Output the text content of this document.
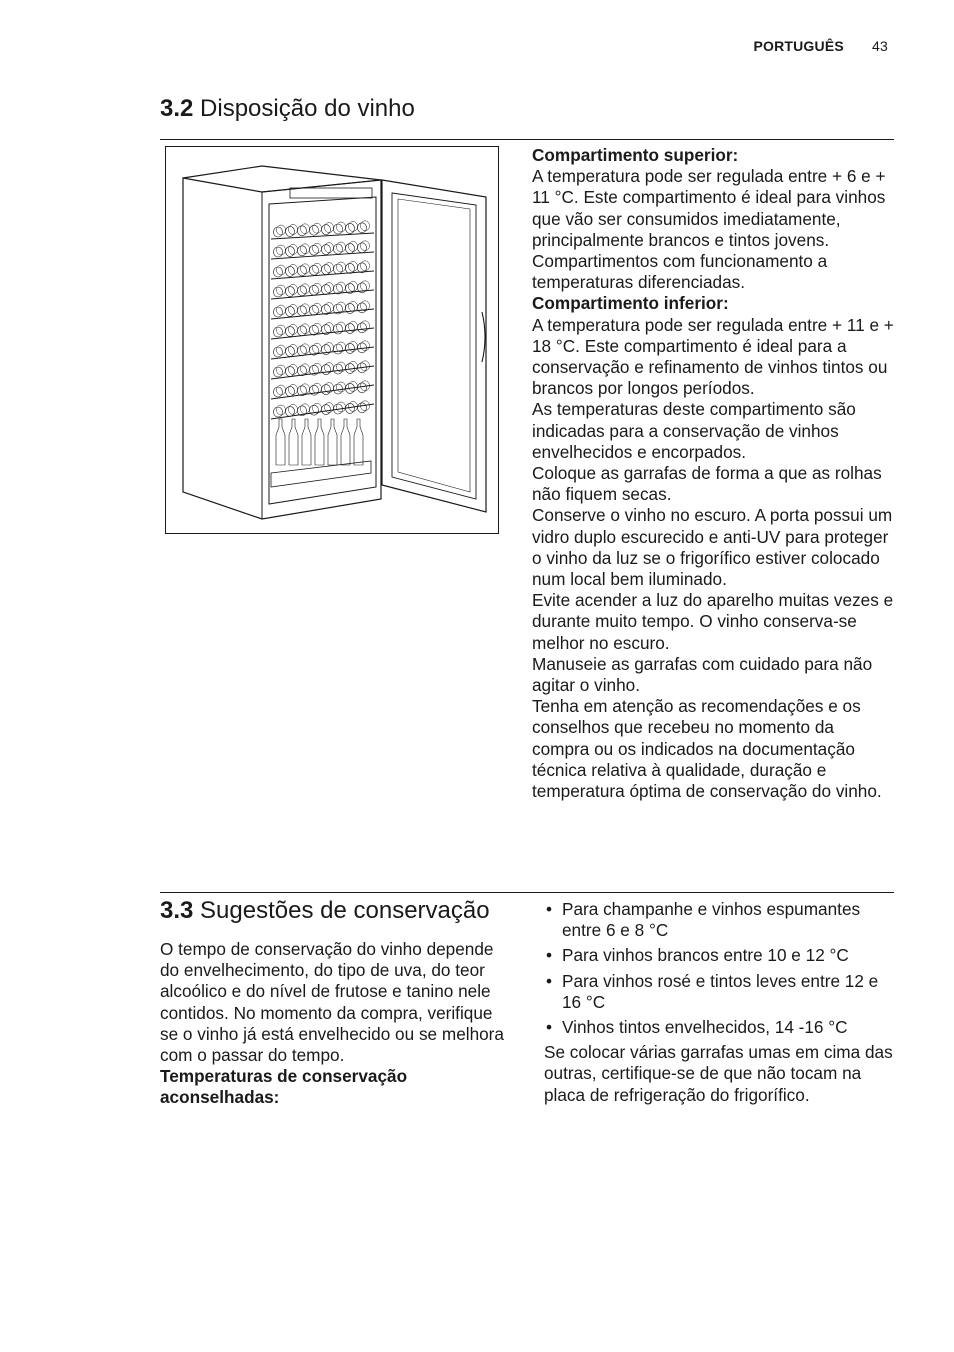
PORTUGUÊS 43
3.2 Disposição do vinho

Compartimento superior:

A temperatura pode ser regulada entre + 6 e + 11 °C. Este compartimento é ideal para vinhos que vão ser consumidos imediatamente, principalmente brancos e tintos jovens. Compartimentos com funcionamento a temperaturas diferenciadas.

Compartimento inferior:

A temperatura pode ser regulada entre + 11 e + 18 °C. Este compartimento é ideal para a conservação e refinamento de vinhos tintos ou brancos por longos períodos.

As temperaturas deste compartimento são indicadas para a conservação de vinhos envelhecidos e encorpados.

Coloque as garrafas de forma a que as rolhas não fiquem secas.

Conserve o vinho no escuro. A porta possui um vidro duplo escurecido e anti-UV para proteger o vinho da luz se o frigorífico estiver colocado num local bem iluminado.

Evite acender a luz do aparelho muitas vezes e durante muito tempo. O vinho conserva-se melhor no escuro.

Manuseie as garrafas com cuidado para não agitar o vinho.

Tenha em atenção as recomendações e os conselhos que recebeu no momento da compra ou os indicados na documentação técnica relativa à qualidade, duração e temperatura óptima de conservação do vinho.

3.3 Sugestões de conservação

O tempo de conservação do vinho depende do envelhecimento, do tipo de uva, do teor alcoólico e do nível de frutose e tanino nele contidos. No momento da compra, verifique se o vinho já está envelhecido ou se melhora com o passar do tempo.

Temperaturas de conservação aconselhadas:

• Para champanhe e vinhos espumantes entre 6 e 8 °C
• Para vinhos brancos entre 10 e 12 °C
• Para vinhos rosé e tintos leves entre 12 e 16 °C
• Vinhos tintos envelhecidos, 14 -16 °C

Se colocar várias garrafas umas em cima das outras, certifique-se de que não tocam na placa de refrigeração do frigorífico.
